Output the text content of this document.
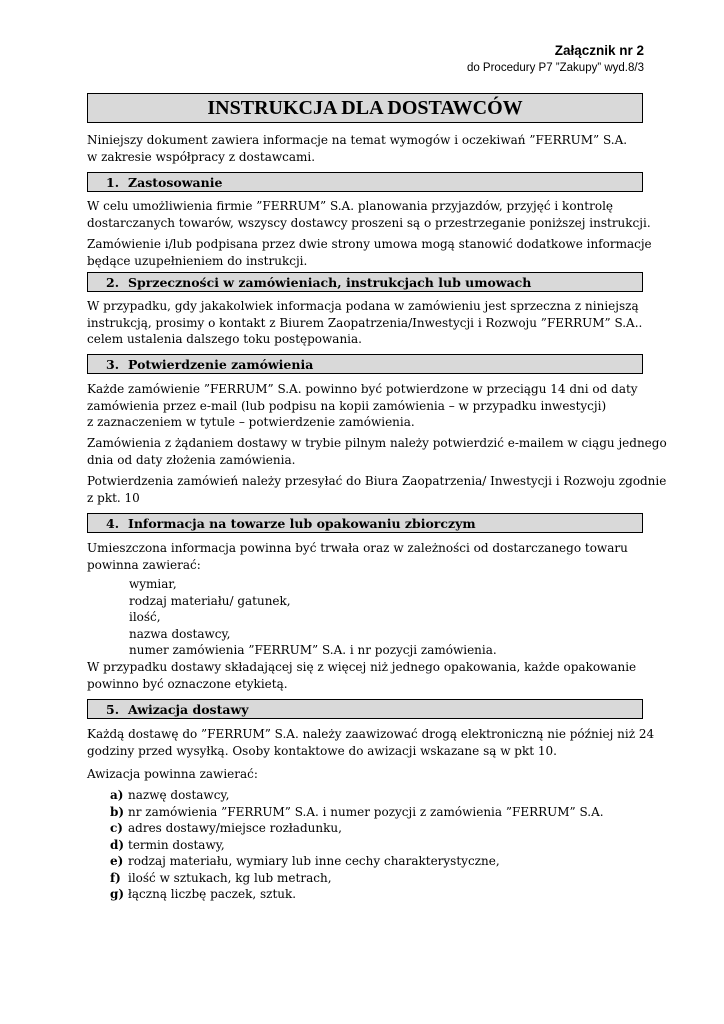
Załącznik nr 2
do Procedury P7 ”Zakupy” wyd.8/3
INSTRUKCJA DLA DOSTAWCÓW
Niniejszy dokument zawiera informacje na temat wymogów i oczekiwań ”FERRUM” S.A.
w zakresie współpracy z dostawcami.
1. Zastosowanie
W celu umożliwienia firmie ”FERRUM” S.A. planowania przyjazdów, przyjęć i kontrolę
dostarczanych towarów, wszyscy dostawcy proszeni są o przestrzeganie poniższej instrukcji.
Zamówienie i/lub podpisana przez dwie strony umowa mogą stanowić dodatkowe informacje
będące uzupełnieniem do instrukcji.
2. Sprzeczności w zamówieniach, instrukcjach lub umowach
W przypadku, gdy jakakolwiek informacja podana w zamówieniu jest sprzeczna z niniejszą
instrukcją, prosimy o kontakt z Biurem Zaopatrzenia/Inwestycji i Rozwoju ”FERRUM” S.A..
celem ustalenia dalszego toku postępowania.
3. Potwierdzenie zamówienia
Każde zamówienie ”FERRUM” S.A. powinno być potwierdzone w przeciągu 14 dni od daty
zamówienia przez e-mail (lub podpisu na kopii zamówienia – w przypadku inwestycji)
z zaznaczeniem w tytule – potwierdzenie zamówienia.
Zamówienia z żądaniem dostawy w trybie pilnym należy potwierdzić e-mailem w ciągu jednego
dnia od daty złożenia zamówienia.
Potwierdzenia zamówień należy przesyłać do Biura Zaopatrzenia/ Inwestycji i Rozwoju zgodnie
z pkt. 10
4. Informacja na towarze lub opakowaniu zbiorczym
Umieszczona informacja powinna być trwała oraz w zależności od dostarczanego towaru
powinna zawierać:
wymiar,
rodzaj materiału/ gatunek,
ilość,
nazwa dostawcy,
numer zamówienia ”FERRUM” S.A. i nr pozycji zamówienia.
W przypadku dostawy składającej się z więcej niż jednego opakowania, każde opakowanie
powinno być oznaczone etykietą.
5. Awizacja dostawy
Każdą dostawę do ”FERRUM” S.A. należy zaawizować drogą elektroniczną nie później niż 24
godziny przed wysyłką. Osoby kontaktowe do awizacji wskazane są w pkt 10.
Awizacja powinna zawierać:
a) nazwę dostawcy,
b) nr zamówienia ”FERRUM” S.A. i numer pozycji z zamówienia ”FERRUM” S.A.
c) adres dostawy/miejsce rozładunku,
d) termin dostawy,
e) rodzaj materiału, wymiary lub inne cechy charakterystyczne,
f) ilość w sztukach, kg lub metrach,
g) łączną liczbę paczek, sztuk.
